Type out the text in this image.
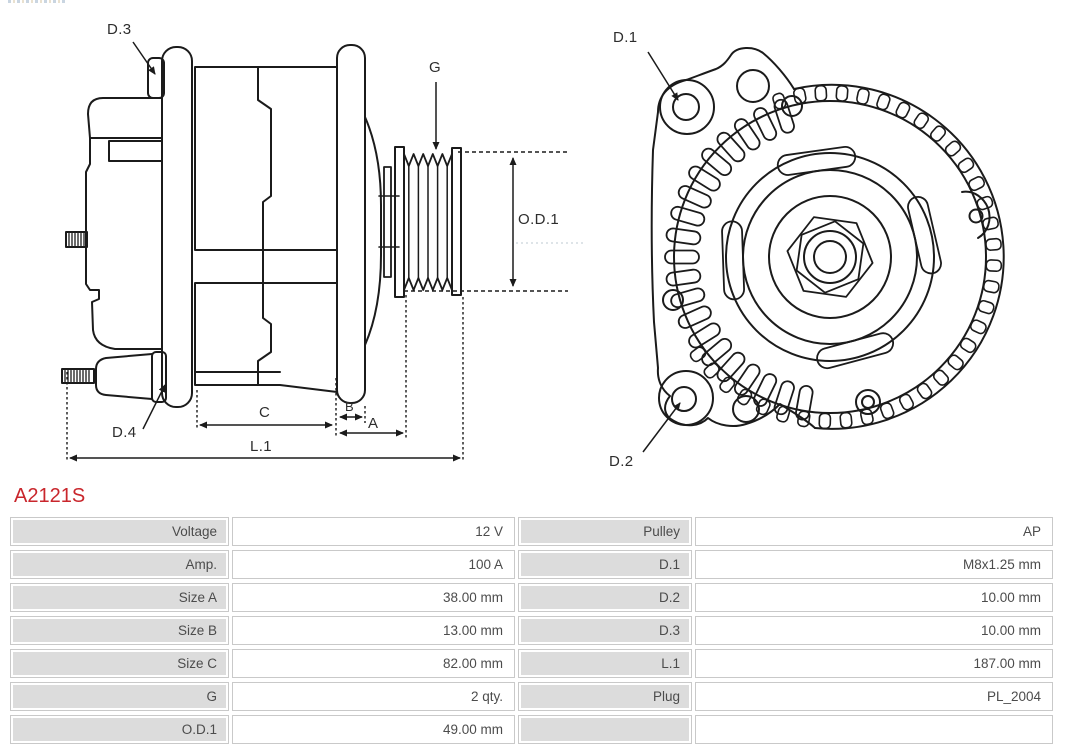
D.3
G
O.D.1
D.4
C	B
A
L.1
D.1
D.2
A2121S
Voltage	12 V	Pulley	AP
Amp.	100 A	D.1	M8x1.25 mm
Size A	38.00 mm	D.2	10.00 mm
Size B	13.00 mm	D.3	10.00 mm
Size C	82.00 mm	L.1	187.00 mm
G	2 qty.	Plug	PL_2004
O.D.1	49.00 mm
